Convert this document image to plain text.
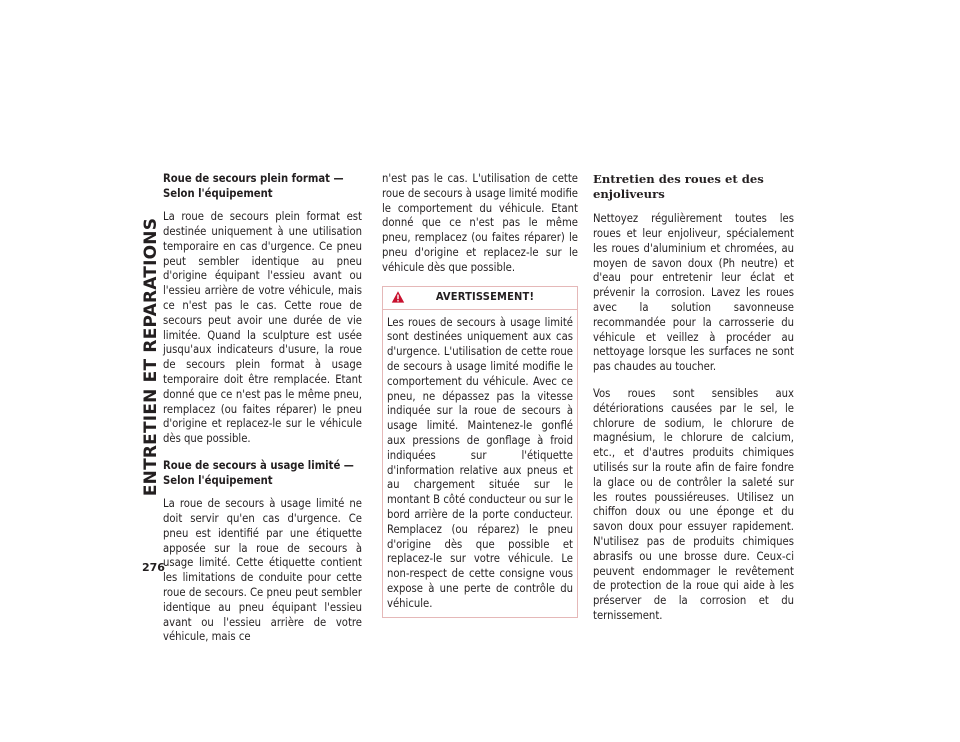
ENTRETIEN ET REPARATIONS
276
Roue de secours plein format — Selon l'équipement

La roue de secours plein format est destinée uniquement à une utilisation temporaire en cas d'urgence. Ce pneu peut sembler identique au pneu d'origine équipant l'essieu avant ou l'essieu arrière de votre véhicule, mais ce n'est pas le cas. Cette roue de secours peut avoir une durée de vie limitée. Quand la sculpture est usée jusqu'aux indicateurs d'usure, la roue de secours plein format à usage temporaire doit être remplacée. Etant donné que ce n'est pas le même pneu, remplacez (ou faites réparer) le pneu d'origine et replacez-le sur le véhicule dès que possible.

Roue de secours à usage limité — Selon l'équipement

La roue de secours à usage limité ne doit servir qu'en cas d'urgence. Ce pneu est identifié par une étiquette apposée sur la roue de secours à usage limité. Cette étiquette contient les limitations de conduite pour cette roue de secours. Ce pneu peut sembler identique au pneu équipant l'essieu avant ou l'essieu arrière de votre véhicule, mais ce

n'est pas le cas. L'utilisation de cette roue de secours à usage limité modifie le comportement du véhicule. Etant donné que ce n'est pas le même pneu, remplacez (ou faites réparer) le pneu d'origine et replacez-le sur le véhicule dès que possible.

AVERTISSEMENT!
Les roues de secours à usage limité sont destinées uniquement aux cas d'urgence. L'utilisation de cette roue de secours à usage limité modifie le comportement du véhicule. Avec ce pneu, ne dépassez pas la vitesse indiquée sur la roue de secours à usage limité. Maintenez-le gonflé aux pressions de gonflage à froid indiquées sur l'étiquette d'information relative aux pneus et au chargement située sur le montant B côté conducteur ou sur le bord arrière de la porte conducteur. Remplacez (ou réparez) le pneu d'origine dès que possible et replacez-le sur votre véhicule. Le non-respect de cette consigne vous expose à une perte de contrôle du véhicule.
Entretien des roues et des enjoliveurs

Nettoyez régulièrement toutes les roues et leur enjoliveur, spécialement les roues d'aluminium et chromées, au moyen de savon doux (Ph neutre) et d'eau pour entretenir leur éclat et prévenir la corrosion. Lavez les roues avec la solution savonneuse recommandée pour la carrosserie du véhicule et veillez à procéder au nettoyage lorsque les surfaces ne sont pas chaudes au toucher.

Vos roues sont sensibles aux détériorations causées par le sel, le chlorure de sodium, le chlorure de magnésium, le chlorure de calcium, etc., et d'autres produits chimiques utilisés sur la route afin de faire fondre la glace ou de contrôler la saleté sur les routes poussiéreuses. Utilisez un chiffon doux ou une éponge et du savon doux pour essuyer rapidement. N'utilisez pas de produits chimiques abrasifs ou une brosse dure. Ceux-ci peuvent endommager le revêtement de protection de la roue qui aide à les préserver de la corrosion et du ternissement.
